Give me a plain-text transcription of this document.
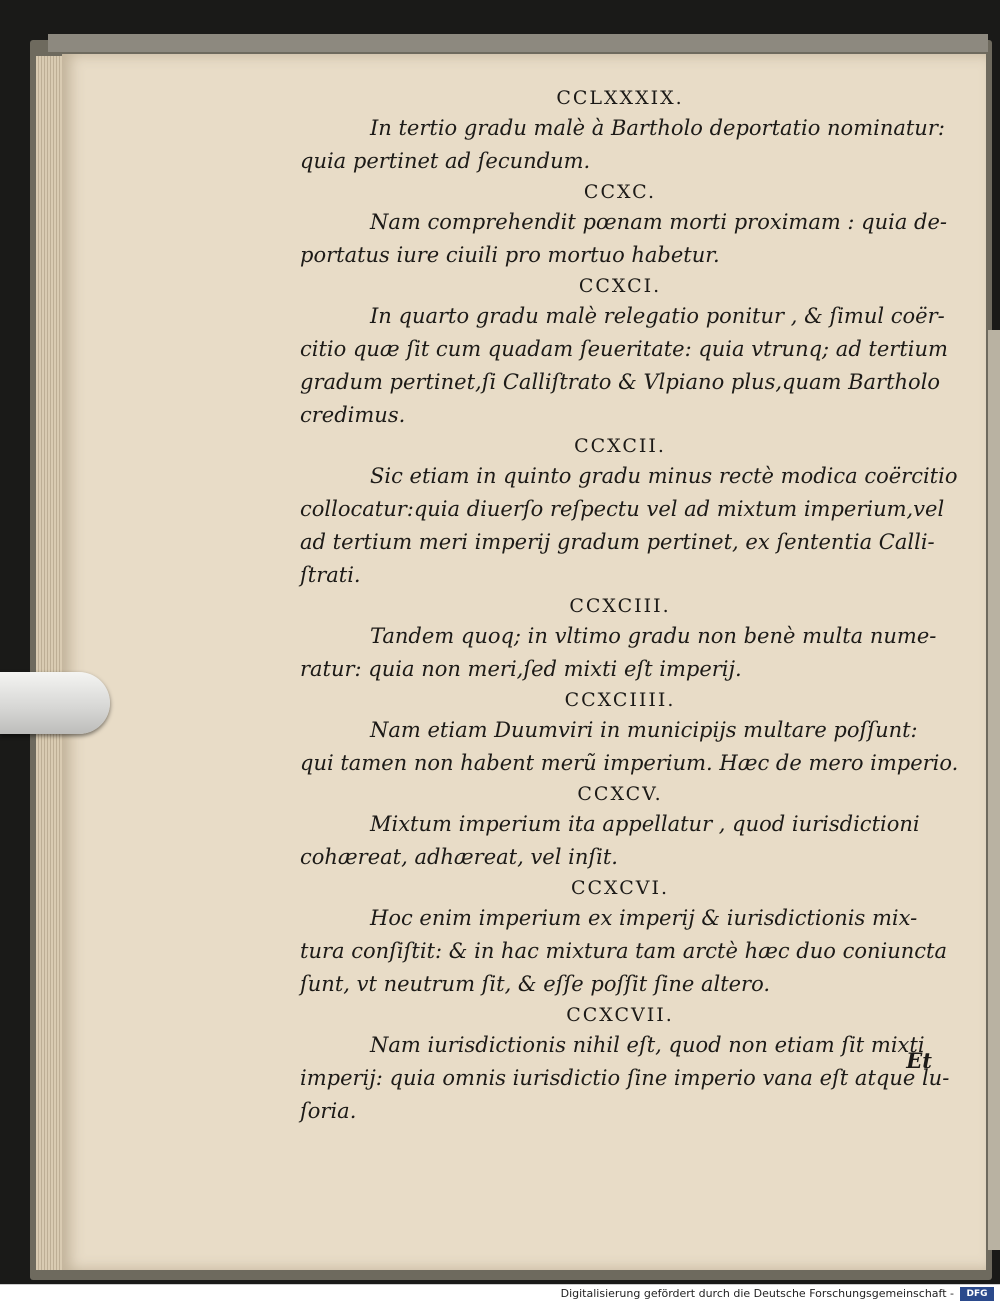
CCLXXXIX.

In tertio gradu malè à Bartholo deportatio nominatur:
quia pertinet ad ſecundum.

CCXC.

Nam comprehendit pœnam morti proximam : quia de-
portatus iure ciuili pro mortuo habetur.

CCXCI.

In quarto gradu malè relegatio ponitur , & ſimul coër-
citio quæ ſit cum quadam ſeueritate: quia vtrunq; ad tertium
gradum pertinet,ſi Calliſtrato & Vlpiano plus,quam Bartholo
credimus.

CCXCII.

Sic etiam in quinto gradu minus rectè modica coërcitio
collocatur:quia diuerſo reſpectu vel ad mixtum imperium,vel
ad tertium meri imperij gradum pertinet, ex ſententia Calli-
ſtrati.

CCXCIII.

Tandem quoq; in vltimo gradu non benè multa nume-
ratur: quia non meri,ſed mixti eſt imperij.

CCXCIIII.

Nam etiam Duumviri in municipijs multare poſſunt:
qui tamen non habent merũ imperium. Hæc de mero imperio.

CCXCV.

Mixtum imperium ita appellatur , quod iurisdictioni
cohæreat, adhæreat, vel inſit.

CCXCVI.

Hoc enim imperium ex imperij & iurisdictionis mix-
tura conſiſtit: & in hac mixtura tam arctè hæc duo coniuncta
ſunt, vt neutrum ſit, & eſſe poſſit ſine altero.

CCXCVII.

Nam iurisdictionis nihil eſt, quod non etiam ſit mixti
imperij: quia omnis iurisdictio ſine imperio vana eſt atque lu-
ſoria.

Et
Digitalisierung gefördert durch die Deutsche Forschungsgemeinschaft -	DFG
